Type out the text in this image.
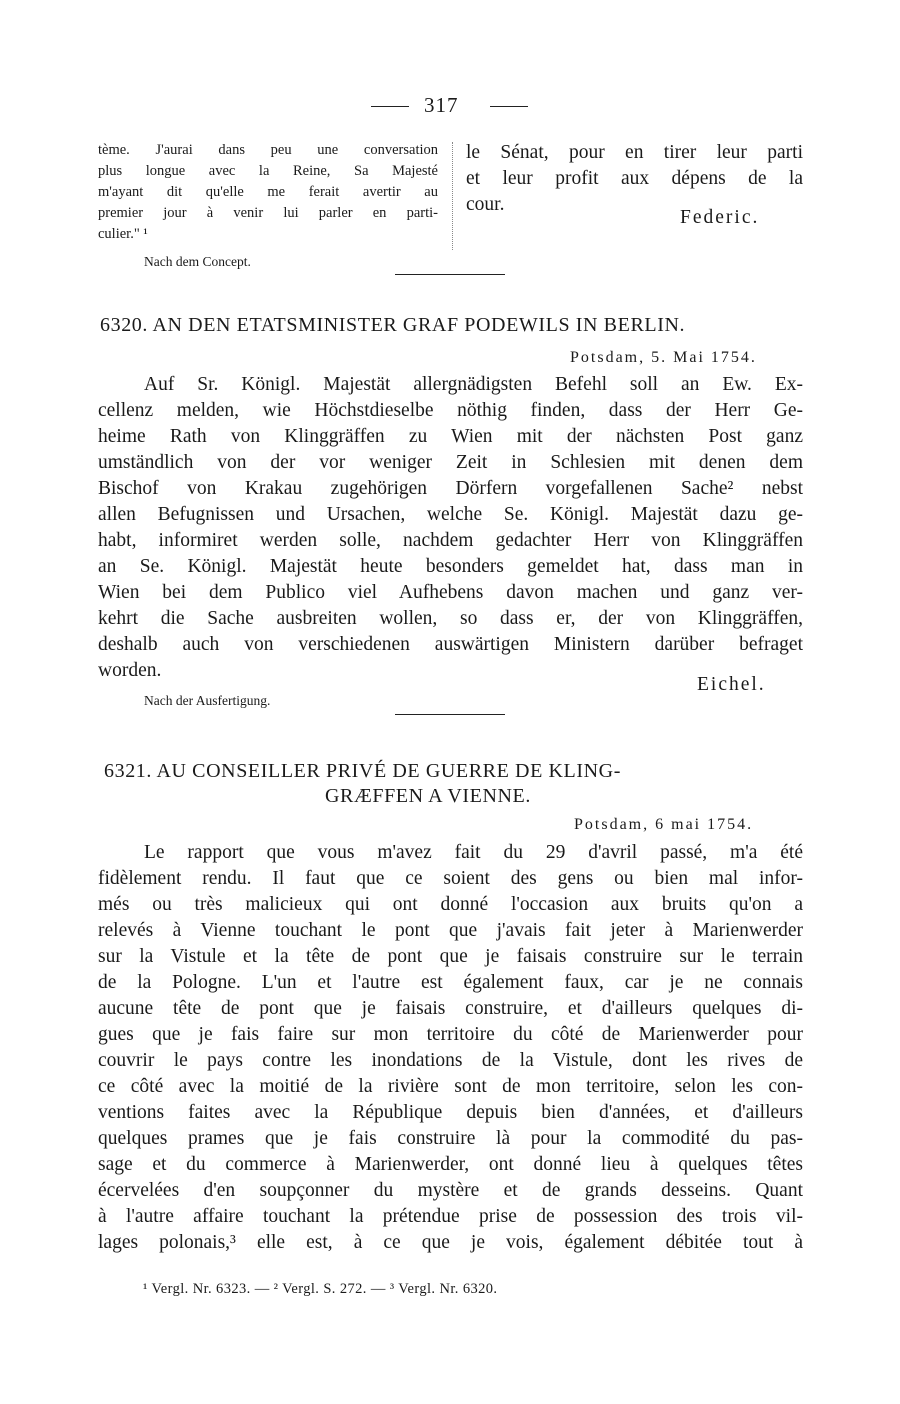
317
tème. J'aurai dans peu une conversation
plus longue avec la Reine, Sa Majesté
m'ayant dit qu'elle me ferait avertir au
premier jour à venir lui parler en parti-
culier." ¹
Nach dem Concept.
le Sénat, pour en tirer leur parti
et leur profit aux dépens de la
cour.
Federic.
6320. AN DEN ETATSMINISTER GRAF PODEWILS IN BERLIN.
Potsdam, 5. Mai 1754.
Auf Sr. Königl. Majestät allergnädigsten Befehl soll an Ew. Ex-
cellenz melden, wie Höchstdieselbe nöthig finden, dass der Herr Ge-
heime Rath von Klinggräffen zu Wien mit der nächsten Post ganz
umständlich von der vor weniger Zeit in Schlesien mit denen dem
Bischof von Krakau zugehörigen Dörfern vorgefallenen Sache² nebst
allen Befugnissen und Ursachen, welche Se. Königl. Majestät dazu ge-
habt, informiret werden solle, nachdem gedachter Herr von Klinggräffen
an Se. Königl. Majestät heute besonders gemeldet hat, dass man in
Wien bei dem Publico viel Aufhebens davon machen und ganz ver-
kehrt die Sache ausbreiten wollen, so dass er, der von Klinggräffen,
deshalb auch von verschiedenen auswärtigen Ministern darüber befraget
worden.
Eichel.
Nach der Ausfertigung.
6321. AU CONSEILLER PRIVÉ DE GUERRE DE KLING-
GRÆFFEN A VIENNE.
Potsdam, 6 mai 1754.
Le rapport que vous m'avez fait du 29 d'avril passé, m'a été
fidèlement rendu. Il faut que ce soient des gens ou bien mal infor-
més ou très malicieux qui ont donné l'occasion aux bruits qu'on a
relevés à Vienne touchant le pont que j'avais fait jeter à Marienwerder
sur la Vistule et la tête de pont que je faisais construire sur le terrain
de la Pologne. L'un et l'autre est également faux, car je ne connais
aucune tête de pont que je faisais construire, et d'ailleurs quelques di-
gues que je fais faire sur mon territoire du côté de Marienwerder pour
couvrir le pays contre les inondations de la Vistule, dont les rives de
ce côté avec la moitié de la rivière sont de mon territoire, selon les con-
ventions faites avec la République depuis bien d'années, et d'ailleurs
quelques prames que je fais construire là pour la commodité du pas-
sage et du commerce à Marienwerder, ont donné lieu à quelques têtes
écervelées d'en soupçonner du mystère et de grands desseins. Quant
à l'autre affaire touchant la prétendue prise de possession des trois vil-
lages polonais,³ elle est, à ce que je vois, également débitée tout à
¹ Vergl. Nr. 6323. — ² Vergl. S. 272. — ³ Vergl. Nr. 6320.
